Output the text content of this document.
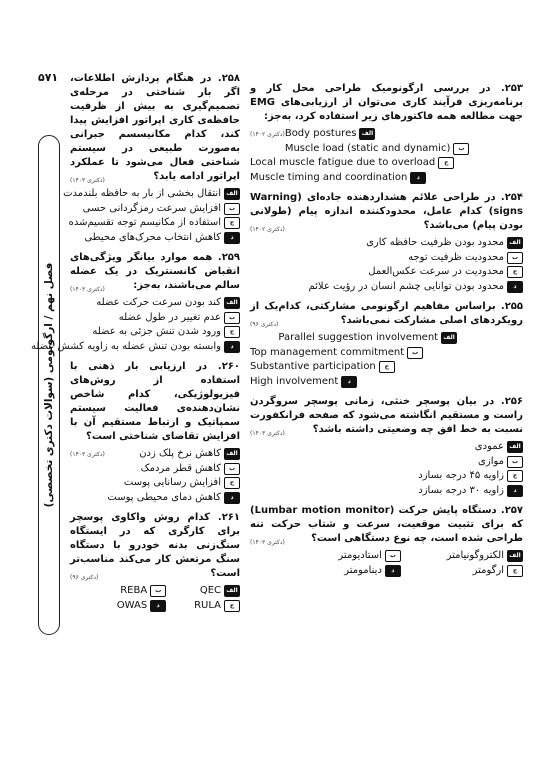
۵۷۱
فصل نهم / ارگونومی (سوالات دکتری تخصصی)
۲۵۳. در بررسی ارگونومیک طراحی محل کار و برنامه‌ریزی فرآیند کاری می‌توان از ارزیابی‌های EMG جهت مطالعه همه فاکتورهای زیر استفاده کرد، به‌جز:
(دکتری ۱۴۰۲)	الف
Body postures
ب
Muscle load (static and dynamic)
ج
Local muscle fatigue due to overload
د
Muscle timing and coordination
۲۵۴. در طراحی علائم هشداردهنده جاده‌ای (Warning signs) کدام عامل، محدودکننده اندازه پیام (طولانی بودن پیام) می‌باشد؟
(دکتری ۱۴۰۲)
الف
محدود بودن ظرفیت حافظه کاری
ب
محدودیت ظرفیت توجه
ج
محدودیت در سرعت عکس‌العمل
د
محدود بودن توانایی چشم انسان در رؤیت علائم
۲۵۵. براساس مفاهیم ارگونومی مشارکتی، کدام‌یک از رویکردهای اصلی مشارکت نمی‌باشد؟
(دکتری ۹۶)
الف
Parallel suggestion involvement
ب
Top management commitment
ج
Substantive participation
د
High involvement
۲۵۶. در بیان پوسچر خنثی، زمانی پوسچر سروگردن راست و مستقیم انگاشته می‌شود که صفحه فرانکفورت نسبت به خط افق چه وضعیتی داشته باشد؟
(دکتری ۱۴۰۳)
الف
عمودی
ب
موازی
ج
زاویه ۴۵ درجه بسازد
د
زاویه ۳۰ درجه بسازد
۲۵۷. دستگاه پایش حرکت (Lumbar motion monitor) که برای تثبیت موقعیت، سرعت و شتاب حرکت تنه طراحی شده است، چه نوع دستگاهی است؟
(دکتری ۱۴۰۳)
الف
الکتروگونیامتر
ب
استادیومتر
ج
ارگومتر
د
دینامومتر
۲۵۸. در هنگام پردازش اطلاعات، اگر بار شناختی در مرحله‌ی تصمیم‌گیری به بیش از ظرفیت حافظه‌ی کاری اپراتور افزایش پیدا کند، کدام مکانیسسم جبرانی به‌صورت طبیعی در سیستم شناختی فعال می‌شود تا عملکرد اپراتور ادامه یابد؟
(دکتری ۱۴۰۳)
الف
انتقال بخشی از بار به حافظه بلندمدت
ب
افزایش سرعت رمزگردانی حسی
ج
استفاده از مکانیسم توجه تقسیم‌شده
د
کاهش انتخاب محرک‌های محیطی
۲۵۹. همه موارد بیانگر ویژگی‌های انقباض کانسنتریک در یک عضله سالم می‌باشند، به‌جز:
(دکتری ۱۴۰۳)
الف
کند بودن سرعت حرکت عضله
ب
عدم تغییر در طول عضله
ج
ورود شدن تنش جزئی به عضله
د
وابسته بودن تنش عضله به زاویه کشش عضله
۲۶۰. در ارزیابی بار ذهنی با استفاده از روش‌های فیزیولوژیکی، کدام شاخص نشان‌دهنده‌ی فعالیت سیستم سمپاتیک و ارتباط مستقیم آن با افزایش تقاضای شناختی است؟
(دکتری ۱۴۰۳)	الف
کاهش نرخ پلک زدن
ب
کاهش قطر مردمک
ج
افزایش رسانایی پوست
د
کاهش دمای محیطی پوست
۲۶۱. کدام روش واکاوی پوسچر برای کارگری که در ایستگاه سنگ‌زنی بدنه خودرو با دستگاه سنگ مرتعش کار می‌کند مناسب‌تر است؟
(دکتری ۹۶)
الف
QEC
ب
REBA
ج
RULA
د
OWAS
